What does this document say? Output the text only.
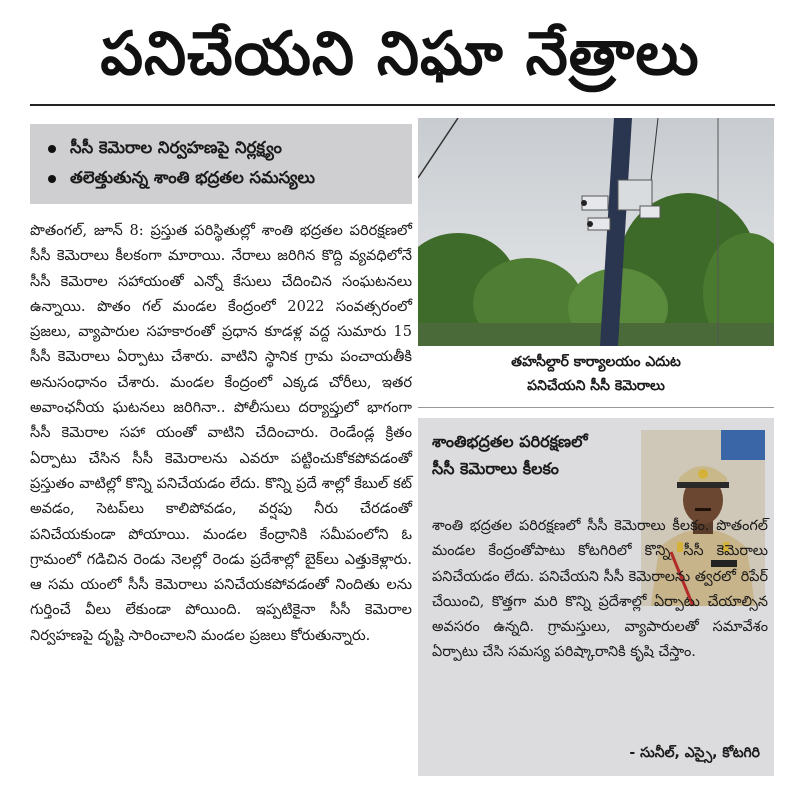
పనిచేయని నిఘా నేత్రాలు
సీసీ కెమెరాల నిర్వహణపై నిర్లక్ష్యం
తలెత్తుతున్న శాంతి భద్రతల సమస్యలు
పొతంగల్, జూన్ 8: ప్రస్తుత పరిస్థితుల్లో శాంతి భద్రతల పరిరక్షణలో సీసీ కెమెరాలు కీలకంగా మారాయి. నేరాలు జరిగిన కొద్ది వ్యవధిలోనే సీసీ కెమెరాల సహాయంతో ఎన్నో కేసులు చేదించిన సంఘటనలు ఉన్నాయి. పొతం గల్ మండల కేంద్రంలో 2022 సంవత్సరంలో ప్రజలు, వ్యాపారుల సహకారంతో ప్రధాన కూడళ్ల వద్ద సుమారు 15 సీసీ కెమెరాలు ఏర్పాటు చేశారు. వాటిని స్థానిక గ్రామ పంచాయతీకి అనుసంధానం చేశారు. మండల కేంద్రంలో ఎక్కడ చోరీలు, ఇతర అవాంఛనీయ ఘటనలు జరిగినా.. పోలీసులు దర్యాప్తులో భాగంగా సీసీ కెమెరాల సహా యంతో వాటిని చేదించారు. రెండేండ్ల క్రితం ఏర్పాటు చేసిన సీసీ కెమెరాలను ఎవరూ పట్టించుకోకపోవడంతో ప్రస్తుతం వాటిల్లో కొన్ని పనిచేయడం లేదు. కొన్ని ప్రదే శాల్లో కేబుల్ కట్ అవడం, సెటప్‌లు కాలిపోవడం, వర్షపు నీరు చేరడంతో పనిచేయకుండా పోయాయి. మండల కేంద్రానికి సమీపంలోని ఓ గ్రామంలో గడిచిన రెండు నెలల్లో రెండు ప్రదేశాల్లో బైక్‌లు ఎత్తుకెళ్లారు. ఆ సమ యంలో సీసీ కెమెరాలు పనిచేయకపోవడంతో నిందితు లను గుర్తించే వీలు లేకుండా పోయింది. ఇప్పటికైనా సీసీ కెమెరాల నిర్వహణపై దృష్టి సారించాలని మండల ప్రజలు కోరుతున్నారు.
తహసీల్దార్ కార్యాలయం ఎదుట
పనిచేయని సీసీ కెమెరాలు
శాంతిభద్రతల పరిరక్షణలో
సీసీ కెమెరాలు కీలకం
శాంతి భద్రతల పరిరక్షణలో సీసీ కెమెరాలు కీలకం. పొతంగల్ మండల కేంద్రంతోపాటు కోటగిరిలో కొన్ని సీసీ కెమెరాలు పనిచేయడం లేదు. పనిచేయని సీసీ కెమెరాలను త్వరలో రిపేర్ చేయించి, కొత్తగా మరి కొన్ని ప్రదేశాల్లో ఏర్పాటు చేయాల్సిన అవసరం ఉన్నది. గ్రామస్తులు, వ్యాపారులతో సమావేశం ఏర్పాటు చేసి సమస్య పరిష్కారానికి కృషి చేస్తాం.
- సునీల్, ఎస్సై, కోటగిరి
